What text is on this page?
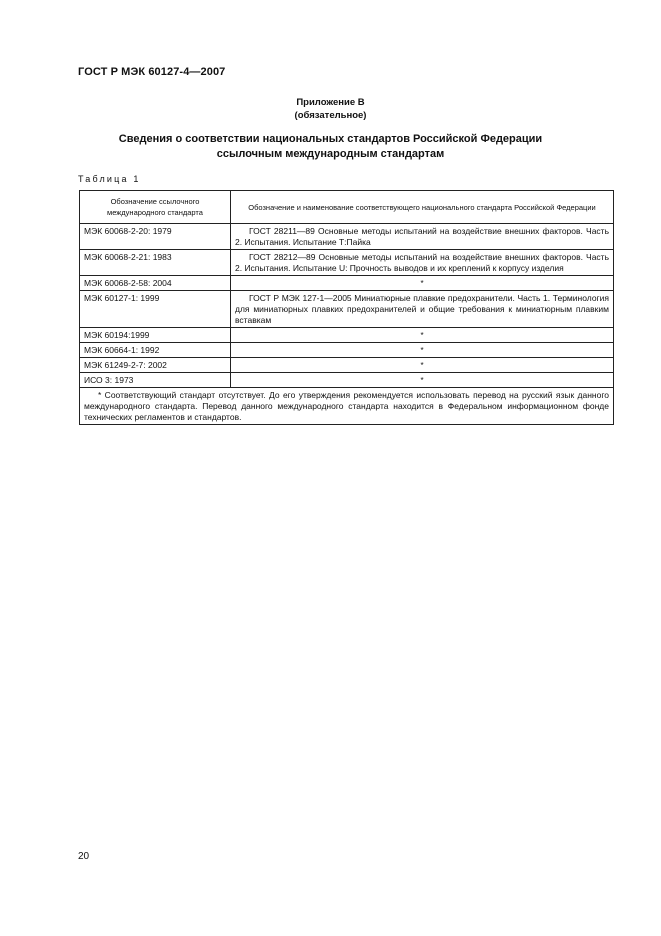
ГОСТ Р МЭК 60127-4—2007
Приложение В
(обязательное)
Сведения о соответствии национальных стандартов Российской Федерации
ссылочным международным стандартам
Таблица 1
Обозначение ссылочного международного стандарта	Обозначение и наименование соответствующего национального стандарта Российской Федерации
МЭК 60068-2-20: 1979	ГОСТ 28211—89 Основные методы испытаний на воздействие внешних факторов. Часть 2. Испытания. Испытание Т:Пайка
МЭК 60068-2-21: 1983	ГОСТ 28212—89 Основные методы испытаний на воздействие внешних факторов. Часть 2. Испытания. Испытание U: Прочность выводов и их креплений к корпусу изделия
МЭК 60068-2-58: 2004	*
МЭК 60127-1: 1999	ГОСТ Р МЭК 127-1—2005 Миниатюрные плавкие предохранители. Часть 1. Терминология для миниатюрных плавких предохранителей и общие требования к миниатюрным плавким вставкам
МЭК 60194:1999	*
МЭК 60664-1: 1992	*
МЭК 61249-2-7: 2002	*
ИСО 3: 1973	*
* Соответствующий стандарт отсутствует. До его утверждения рекомендуется использовать перевод на русский язык данного международного стандарта. Перевод данного международного стандарта находится в Федеральном информационном фонде технических регламентов и стандартов.	
20
